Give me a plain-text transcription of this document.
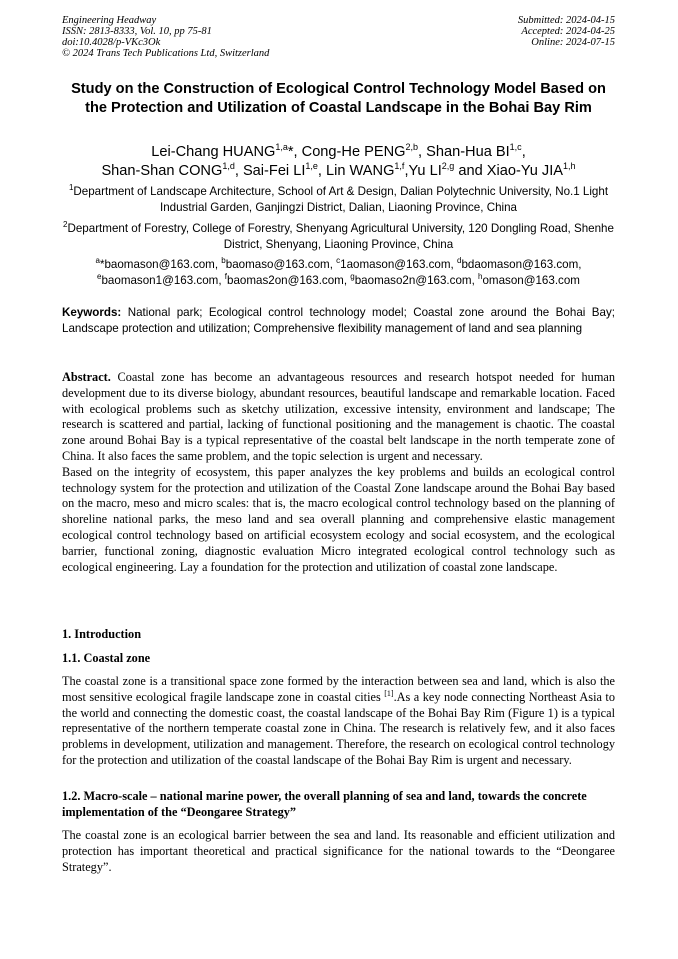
Engineering Headway
ISSN: 2813-8333, Vol. 10, pp 75-81
doi:10.4028/p-VKc3Ok
© 2024 Trans Tech Publications Ltd, Switzerland
Submitted: 2024-04-15
Accepted: 2024-04-25
Online: 2024-07-15
Study on the Construction of Ecological Control Technology Model Based on the Protection and Utilization of Coastal Landscape in the Bohai Bay Rim
Lei-Chang HUANG$^{1,a}$*, Cong-He PENG$^{2,b}$, Shan-Hua BI$^{1,c}$,
Shan-Shan CONG$^{1,d}$, Sai-Fei LI$^{1,e}$, Lin WANG$^{1,f}$,Yu LI$^{2,g}$ and Xiao-Yu JIA$^{1,h}$
$^1$Department of Landscape Architecture, School of Art & Design, Dalian Polytechnic University, No.1 Light Industrial Garden, Ganjingzi District, Dalian, Liaoning Province, China
$^2$Department of Forestry, College of Forestry, Shenyang Agricultural University, 120 Dongling Road, Shenhe District, Shenyang, Liaoning Province, China
$^a$*baomason@163.com, $^b$baomaso@163.com, $^c$1aomason@163.com, $^d$bdaomason@163.com,
$^e$baomason1@163.com, $^f$baomas2on@163.com, $^g$baomaso2n@163.com, $^h$omason@163.com
Keywords: National park; Ecological control technology model; Coastal zone around the Bohai Bay; Landscape protection and utilization; Comprehensive flexibility management of land and sea planning

Abstract. Coastal zone has become an advantageous resources and research hotspot needed for human development due to its diverse biology, abundant resources, beautiful landscape and remarkable location. Faced with ecological problems such as sketchy utilization, excessive intensity, environment and landscape; The research is scattered and partial, lacking of functional positioning and the management is chaotic. The coastal zone around Bohai Bay is a typical representative of the coastal belt landscape in the north temperate zone of China. It also faces the same problem, and the topic selection is urgent and necessary.

Based on the integrity of ecosystem, this paper analyzes the key problems and builds an ecological control technology system for the protection and utilization of the Coastal Zone landscape around the Bohai Bay based on the macro, meso and micro scales: that is, the macro ecological control technology based on the planning of shoreline national parks, the meso land and sea overall planning and comprehensive elastic management ecological control technology based on artificial ecosystem ecology and social ecosystem, and the ecological barrier, functional zoning, diagnostic evaluation Micro integrated ecological control technology such as ecological engineering. Lay a foundation for the protection and utilization of coastal zone landscape.

1. Introduction
1.1. Coastal zone

The coastal zone is a transitional space zone formed by the interaction between sea and land, which is also the most sensitive ecological fragile landscape zone in coastal cities [1].As a key node connecting Northeast Asia to the world and connecting the domestic coast, the coastal landscape of the Bohai Bay Rim (Figure 1) is a typical representative of the northern temperate coastal zone in China. The research is relatively few, and it also faces problems in development, utilization and management. Therefore, the research on ecological control technology for the protection and utilization of the coastal landscape of the Bohai Bay Rim is urgent and necessary.

1.2. Macro-scale – national marine power, the overall planning of sea and land, towards the concrete implementation of the “Deongaree Strategy”

The coastal zone is an ecological barrier between the sea and land. Its reasonable and efficient utilization and protection has important theoretical and practical significance for the national towards to the “Deongaree Strategy”.
